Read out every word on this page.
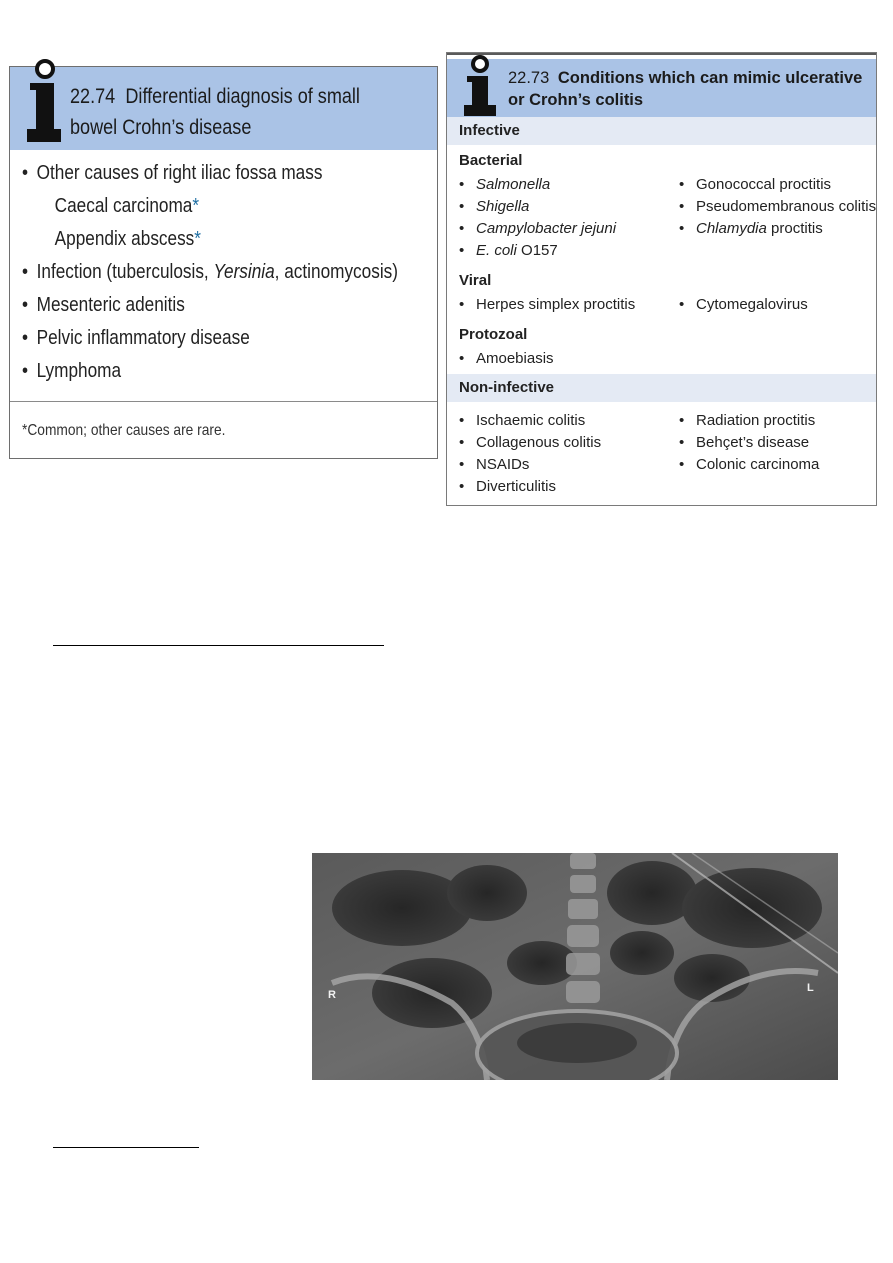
22.74 Differential diagnosis of small bowel Crohn’s disease
• Other causes of right iliac fossa mass
Caecal carcinoma*
Appendix abscess*
• Infection (tuberculosis, Yersinia, actinomycosis)
• Mesenteric adenitis
• Pelvic inflammatory disease
• Lymphoma
*Common; other causes are rare.
22.73 Conditions which can mimic ulcerative or Crohn’s colitis
Infective
Bacterial
• Salmonella
• Shigella
• Campylobacter jejuni
• E. coli O157
• Gonococcal proctitis
• Pseudomembranous colitis
• Chlamydia proctitis
Viral
• Herpes simplex proctitis	• Cytomegalovirus
Protozoal
• Amoebiasis
Non-infective
• Ischaemic colitis
• Collagenous colitis
• NSAIDs
• Diverticulitis
• Radiation proctitis
• Behçet’s disease
• Colonic carcinoma
R
L
